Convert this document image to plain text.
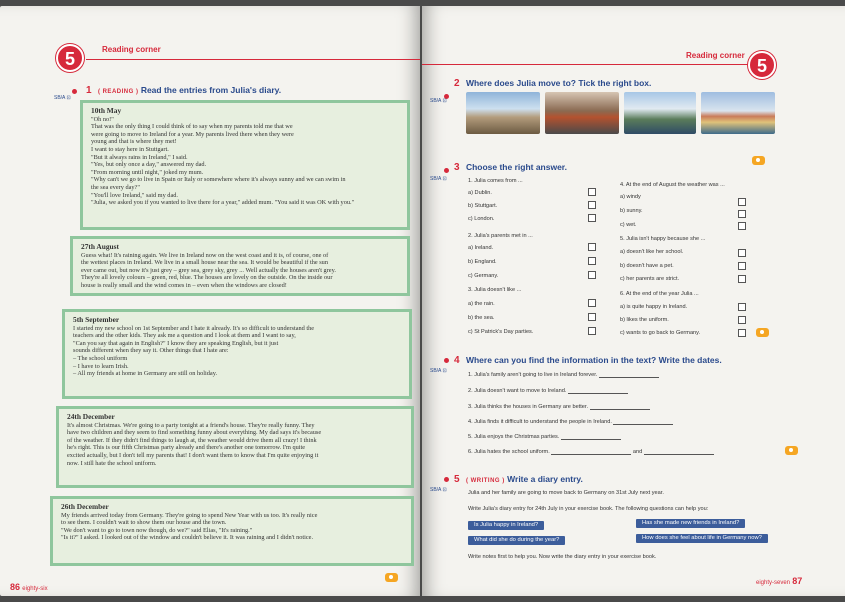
5	Reading corner
SB/A ⊡
1 ( READING ) Read the entries from Julia's diary.
10th May

"Oh no!"

That was the only thing I could think of to say when my parents told me that we

were going to move to Ireland for a year. My parents lived there when they were

young and that is where they met!

I want to stay here in Stuttgart.

"But it always rains in Ireland," I said.

"Yes, but only once a day," answered my dad.

"From morning until night," joked my mum.

"Why can't we go to live in Spain or Italy or somewhere where it's always sunny and we can swim in

the sea every day?"

"You'll love Ireland," said my dad.

"Julia, we asked you if you wanted to live there for a year," added mum. "You said it was OK with you."

27th August

Guess what! It's raining again. We live in Ireland now on the west coast and it is, of course, one of

the wettest places in Ireland. We live in a small house near the sea. It would be beautiful if the sun

ever came out, but now it's just grey – grey sea, grey sky, grey ... Well actually the houses aren't grey.

They're all lovely colours – green, red, blue. The houses are lovely on the outside. On the inside our

house is really small and the wind comes in – even when the windows are closed!

5th September

I started my new school on 1st September and I hate it already. It's so difficult to understand the

teachers and the other kids. They ask me a question and I look at them and I want to say,

"Can you say that again in English?" I know they are speaking English, but it just

sounds different when they say it. Other things that I hate are:

– The school uniform

– I have to learn Irish.

– All my friends at home in Germany are still on holiday.

24th December

It's almost Christmas. We're going to a party tonight at a friend's house. They're really funny. They

have two children and they seem to find something funny about everything. My dad says it's because

of the weather. If they didn't find things to laugh at, the weather would drive them all crazy! I think

he's right. This is our fifth Christmas party already and there's another one tomorrow. I'm quite

excited actually, but I don't tell my parents that! I don't want them to know that I'm quite enjoying it

now. I still hate the school uniform.

26th December

My friends arrived today from Germany. They're going to spend New Year with us too. It's really nice

to see them. I couldn't wait to show them our house and the town.

"We don't want to go to town now though, do we?" said Elias, "It's raining."

"Is it?" I asked. I looked out of the window and couldn't believe it. It was raining and I didn't notice.

86 eighty-six
Reading corner
5
SB/A ⊡
2 Where does Julia move to? Tick the right box.
SB/A ⊡
3 Choose the right answer.
1. Julia comes from ...
a) Dublin.
b) Stuttgart.
c) London.
2. Julia's parents met in ...
a) Ireland.
b) England.
c) Germany.
3. Julia doesn't like ...
a) the rain.
b) the sea.
c) St Patrick's Day parties.
4. At the end of August the weather was ...
a) windy
b) sunny.
c) wet.
5. Julia isn't happy because she ...
a) doesn't like her school.
b) doesn't have a pet.
c) her parents are strict.
6. At the end of the year Julia ...
a) is quite happy in Ireland.
b) likes the uniform.
c) wants to go back to Germany.
SB/A ⊡
4 Where can you find the information in the text? Write the dates.
1. Julia's family aren't going to live in Ireland forever.
2. Julia doesn't want to move to Ireland.
3. Julia thinks the houses in Germany are better.
4. Julia finds it difficult to understand the people in Ireland.
5. Julia enjoys the Christmas parties.
6. Julia hates the school uniform.	and
SB/A ⊡
5 ( WRITING ) Write a diary entry.
Julia and her family are going to move back to Germany on 31st July next year.
Write Julia's diary entry for 24th July in your exercise book. The following questions can help you:
Is Julia happy in Ireland?	Has she made new friends in Ireland?
What did she do during the year?	How does she feel about life in Germany now?
Write notes first to help you. Now write the diary entry in your exercise book.
eighty-seven 87
